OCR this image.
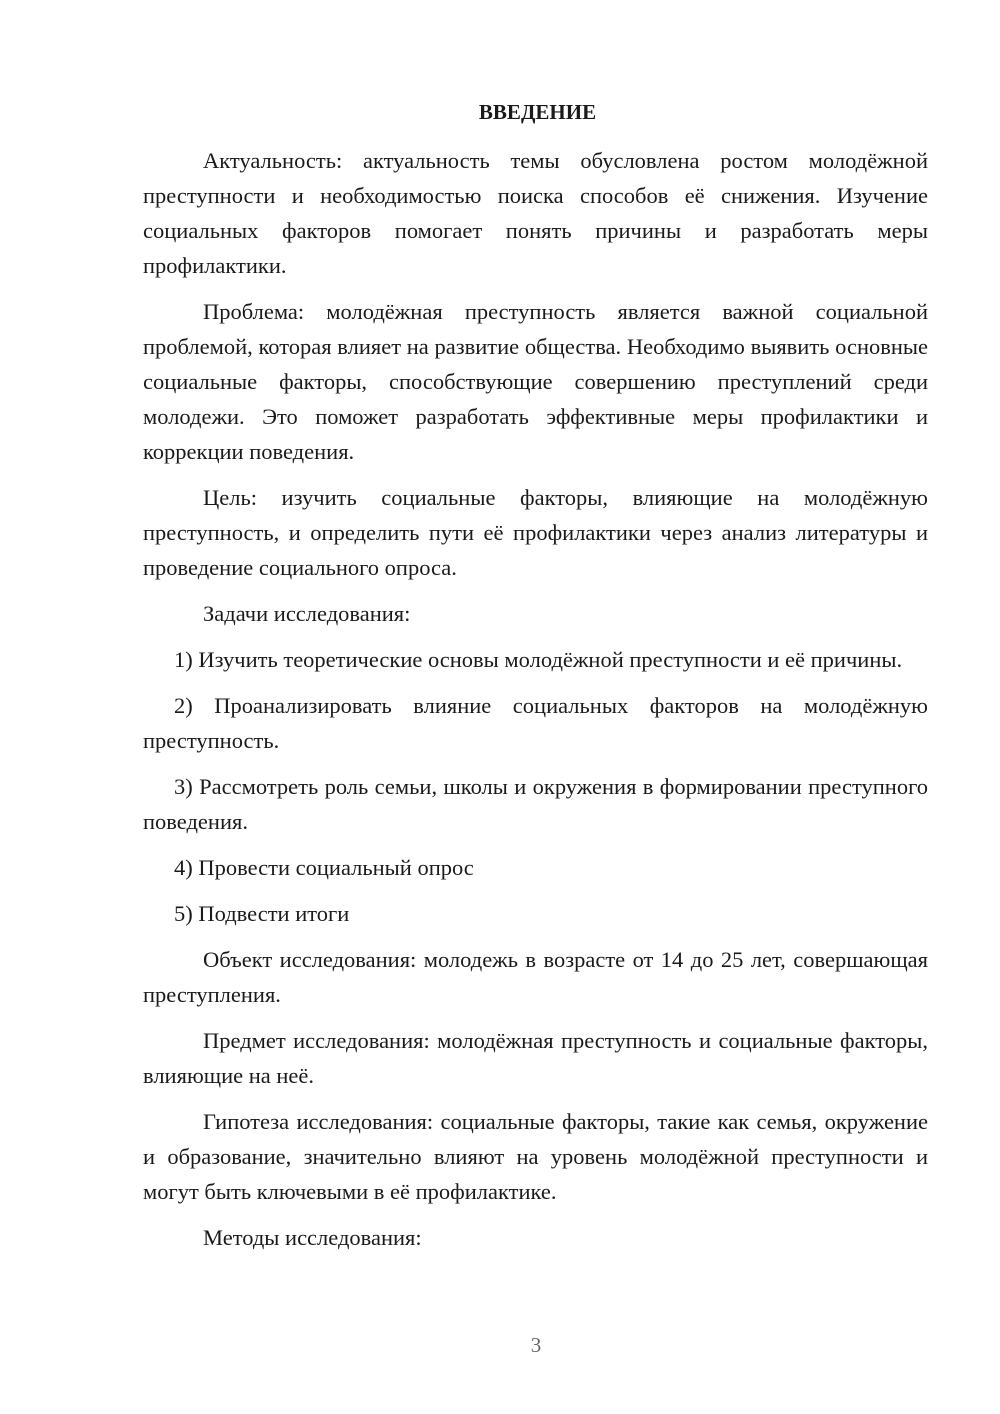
ВВЕДЕНИЕ

Актуальность: актуальность темы обусловлена ростом молодёжной преступности и необходимостью поиска способов её снижения. Изучение социальных факторов помогает понять причины и разработать меры профилактики.

Проблема: молодёжная преступность является важной социальной проблемой, которая влияет на развитие общества. Необходимо выявить основные социальные факторы, способствующие совершению преступлений среди молодежи. Это поможет разработать эффективные меры профилактики и коррекции поведения.

Цель: изучить социальные факторы, влияющие на молодёжную преступность, и определить пути её профилактики через анализ литературы и проведение социального опроса.

Задачи исследования:

1) Изучить теоретические основы молодёжной преступности и её причины.

2) Проанализировать влияние социальных факторов на молодёжную преступность.

3) Рассмотреть роль семьи, школы и окружения в формировании преступного поведения.

4) Провести социальный опрос

5) Подвести итоги

Объект исследования: молодежь в возрасте от 14 до 25 лет, совершающая преступления.

Предмет исследования: молодёжная преступность и социальные факторы, влияющие на неё.

Гипотеза исследования: социальные факторы, такие как семья, окружение и образование, значительно влияют на уровень молодёжной преступности и могут быть ключевыми в её профилактике.

Методы исследования:

3
